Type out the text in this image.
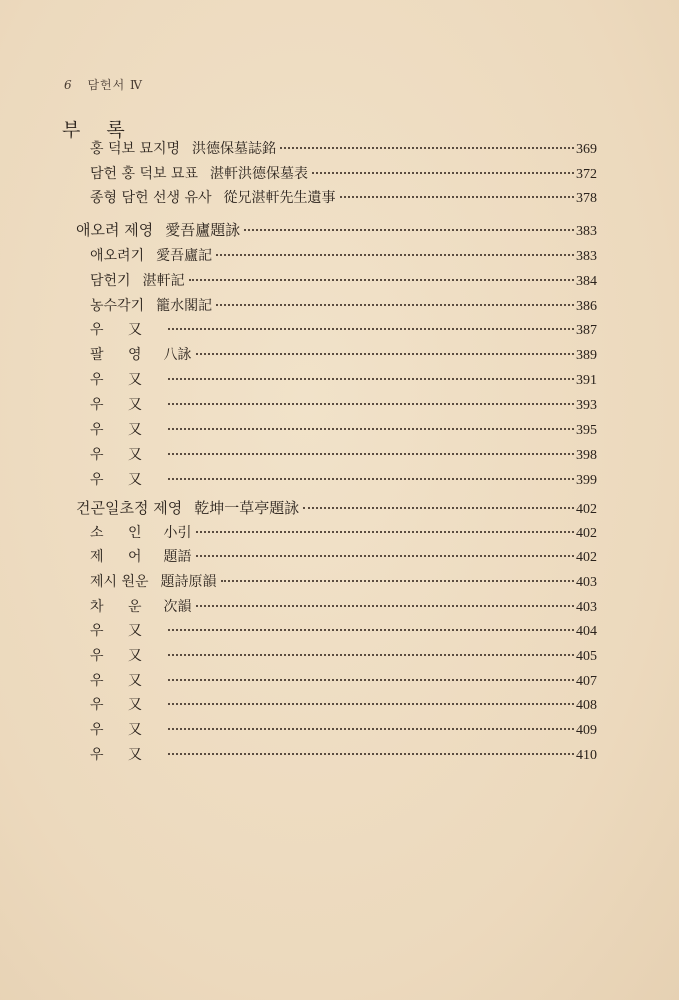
6 담헌서 Ⅳ
부 록
홍 덕보 묘지명 洪德保墓誌銘	369
담헌 홍 덕보 묘표 湛軒洪德保墓表	372
종형 담헌 선생 유사 從兄湛軒先生遺事	378
애오려 제영 愛吾廬題詠	383
애오려기 愛吾廬記	383
담헌기 湛軒記	384
농수각기 籠水閣記	386
우 又	387
팔 영 八詠	389
우 又	391
우 又	393
우 又	395
우 又	398
우 又	399
건곤일초정 제영 乾坤一草亭題詠	402
소 인 小引	402
제 어 題語	402
제시 원운 題詩原韻	403
차 운 次韻	403
우 又	404
우 又	405
우 又	407
우 又	408
우 又	409
우 又	410
